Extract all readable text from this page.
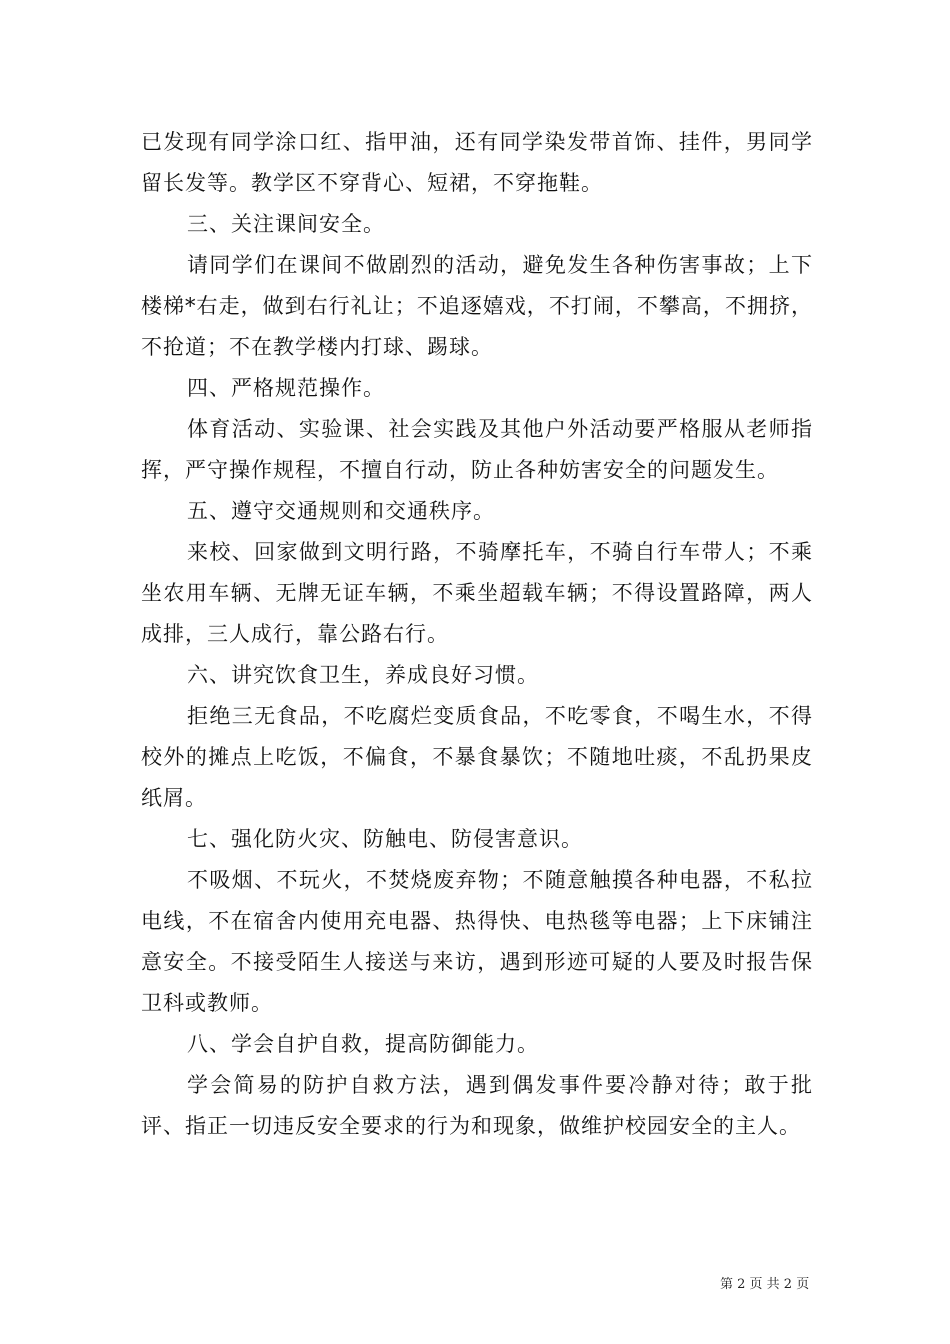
已发现有同学涂口红、指甲油，还有同学染发带首饰、挂件，男同学留长发等。教学区不穿背心、短裙，不穿拖鞋。

三、关注课间安全。

请同学们在课间不做剧烈的活动，避免发生各种伤害事故；上下楼梯*右走，做到右行礼让；不追逐嬉戏，不打闹，不攀高，不拥挤，不抢道；不在教学楼内打球、踢球。

四、严格规范操作。

体育活动、实验课、社会实践及其他户外活动要严格服从老师指挥，严守操作规程，不擅自行动，防止各种妨害安全的问题发生。

五、遵守交通规则和交通秩序。

来校、回家做到文明行路，不骑摩托车，不骑自行车带人；不乘坐农用车辆、无牌无证车辆，不乘坐超载车辆；不得设置路障，两人成排，三人成行，靠公路右行。

六、讲究饮食卫生，养成良好习惯。

拒绝三无食品，不吃腐烂变质食品，不吃零食，不喝生水，不得校外的摊点上吃饭，不偏食，不暴食暴饮；不随地吐痰，不乱扔果皮纸屑。

七、强化防火灾、防触电、防侵害意识。

不吸烟、不玩火，不焚烧废弃物；不随意触摸各种电器，不私拉电线，不在宿舍内使用充电器、热得快、电热毯等电器；上下床铺注意安全。不接受陌生人接送与来访，遇到形迹可疑的人要及时报告保卫科或教师。

八、学会自护自救，提高防御能力。

学会简易的防护自救方法，遇到偶发事件要冷静对待；敢于批评、指正一切违反安全要求的行为和现象，做维护校园安全的主人。

第 2 页 共 2 页
